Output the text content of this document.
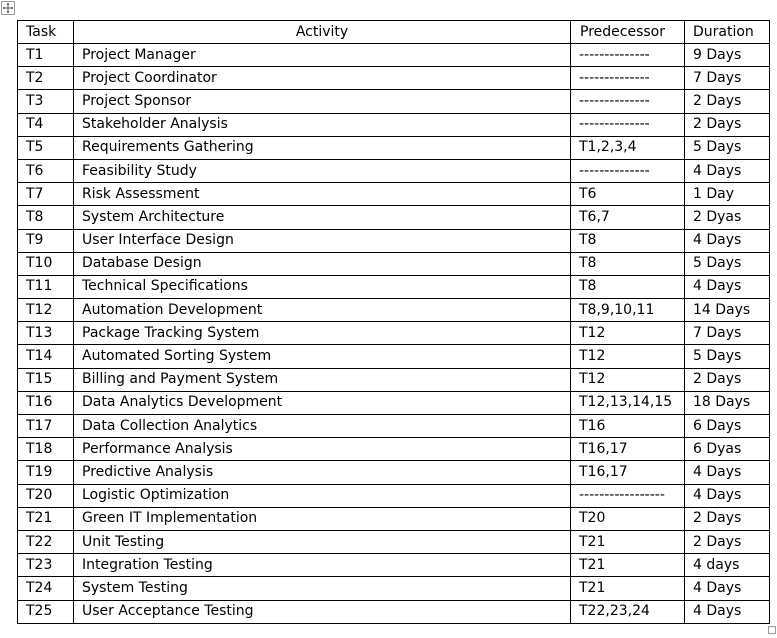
Task	Activity	Predecessor	Duration
T1	Project Manager	--------------	9 Days
T2	Project Coordinator	--------------	7 Days
T3	Project Sponsor	--------------	2 Days
T4	Stakeholder Analysis	--------------	2 Days
T5	Requirements Gathering	T1,2,3,4	5 Days
T6	Feasibility Study	--------------	4 Days
T7	Risk Assessment	T6	1 Day
T8	System Architecture	T6,7	2 Dyas
T9	User Interface Design	T8	4 Days
T10	Database Design	T8	5 Days
T11	Technical Specifications	T8	4 Days
T12	Automation Development	T8,9,10,11	14 Days
T13	Package Tracking System	T12	7 Days
T14	Automated Sorting System	T12	5 Days
T15	Billing and Payment System	T12	2 Days
T16	Data Analytics Development	T12,13,14,15	18 Days
T17	Data Collection Analytics	T16	6 Days
T18	Performance Analysis	T16,17	6 Dyas
T19	Predictive Analysis	T16,17	4 Days
T20	Logistic Optimization	-----------------	4 Days
T21	Green IT Implementation	T20	2 Days
T22	Unit Testing	T21	2 Days
T23	Integration Testing	T21	4 days
T24	System Testing	T21	4 Days
T25	User Acceptance Testing	T22,23,24	4 Days
